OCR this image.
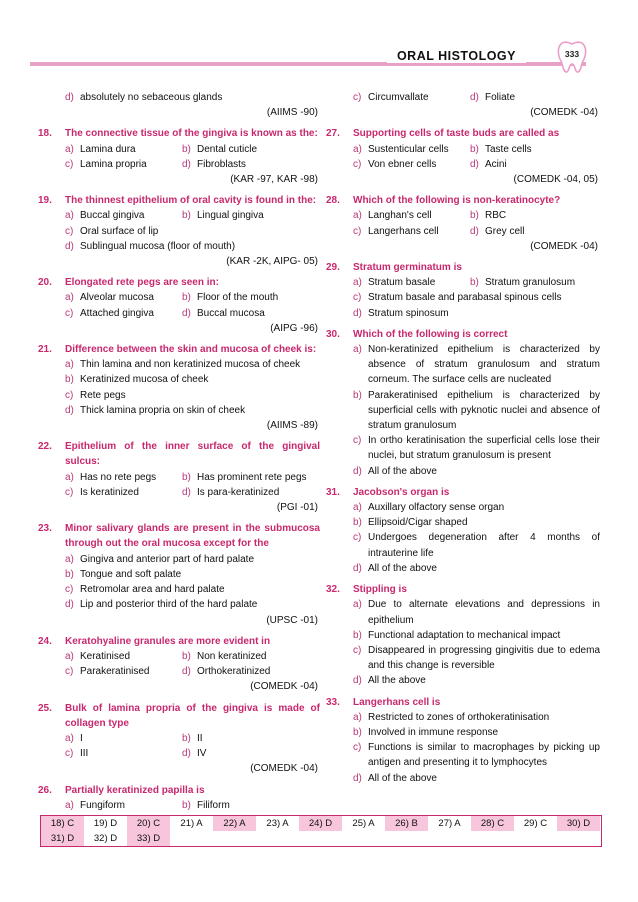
ORAL HISTOLOGY	333
d) absolutely no sebaceous glands
(AIIMS -90)
18.	The connective tissue of the gingiva is known as the:
a) Lamina dura	b) Dental cuticle
c) Lamina propria	d) Fibroblasts
(KAR -97, KAR -98)
19.	The thinnest epithelium of oral cavity is found in the:
a) Buccal gingiva	b) Lingual gingiva
c) Oral surface of lip
d) Sublingual mucosa (floor of mouth)
(KAR -2K, AIPG- 05)
20.	Elongated rete pegs are seen in:
a) Alveolar mucosa	b) Floor of the mouth
c) Attached gingiva	d) Buccal mucosa
(AIPG -96)
21.	Difference between the skin and mucosa of cheek is:
a) Thin lamina and non keratinized mucosa of cheek
b) Keratinized mucosa of cheek
c) Rete pegs
d) Thick lamina propria on skin of cheek
(AIIMS -89)
22.	Epithelium of the inner surface of the gingival sulcus:
a) Has no rete pegs	b) Has prominent rete pegs
c) Is keratinized	d) Is para-keratinized
(PGI -01)
23.	Minor salivary glands are present in the submucosa through out the oral mucosa except for the
a) Gingiva and anterior part of hard palate
b) Tongue and soft palate
c) Retromolar area and hard palate
d) Lip and posterior third of the hard palate
(UPSC -01)
24.	Keratohyaline granules are more evident in
a) Keratinised	b) Non keratinized
c) Parakeratinised	d) Orthokeratinized
(COMEDK -04)
25.	Bulk of lamina propria of the gingiva is made of collagen type
a) I	b) II
c) III	d) IV
(COMEDK -04)
26.	Partially keratinized papilla is
a) Fungiform	b) Filiform
c) Circumvallate	d) Foliate
(COMEDK -04)
27.	Supporting cells of taste buds are called as
a) Sustenticular cells	b) Taste cells
c) Von ebner cells	d) Acini
(COMEDK -04, 05)
28.	Which of the following is non-keratinocyte?
a) Langhan's cell	b) RBC
c) Langerhans cell	d) Grey cell
(COMEDK -04)
29.	Stratum germinatum is
a) Stratum basale	b) Stratum granulosum
c) Stratum basale and parabasal spinous cells
d) Stratum spinosum
30.	Which of the following is correct
a) Non-keratinized epithelium is characterized by absence of stratum granulosum and stratum corneum. The surface cells are nucleated
b) Parakeratinised epithelium is characterized by superficial cells with pyknotic nuclei and absence of stratum granulosum
c) In ortho keratinisation the superficial cells lose their nuclei, but stratum granulosum is present
d) All of the above
31.	Jacobson's organ is
a) Auxillary olfactory sense organ
b) Ellipsoid/Cigar shaped
c) Undergoes degeneration after 4 months of intrauterine life
d) All of the above
32.	Stippling is
a) Due to alternate elevations and depressions in epithelium
b) Functional adaptation to mechanical impact
c) Disappeared in progressing gingivitis due to edema and this change is reversible
d) All the above
33.	Langerhans cell is
a) Restricted to zones of orthokeratinisation
b) Involved in immune response
c) Functions is similar to macrophages by picking up antigen and presenting it to lymphocytes
d) All of the above
18) C	19) D	20) C	21) A	22) A	23) A	24) D	25) A	26) B	27) A	28) C	29) C	30) D
31) D	32) D	33) D
